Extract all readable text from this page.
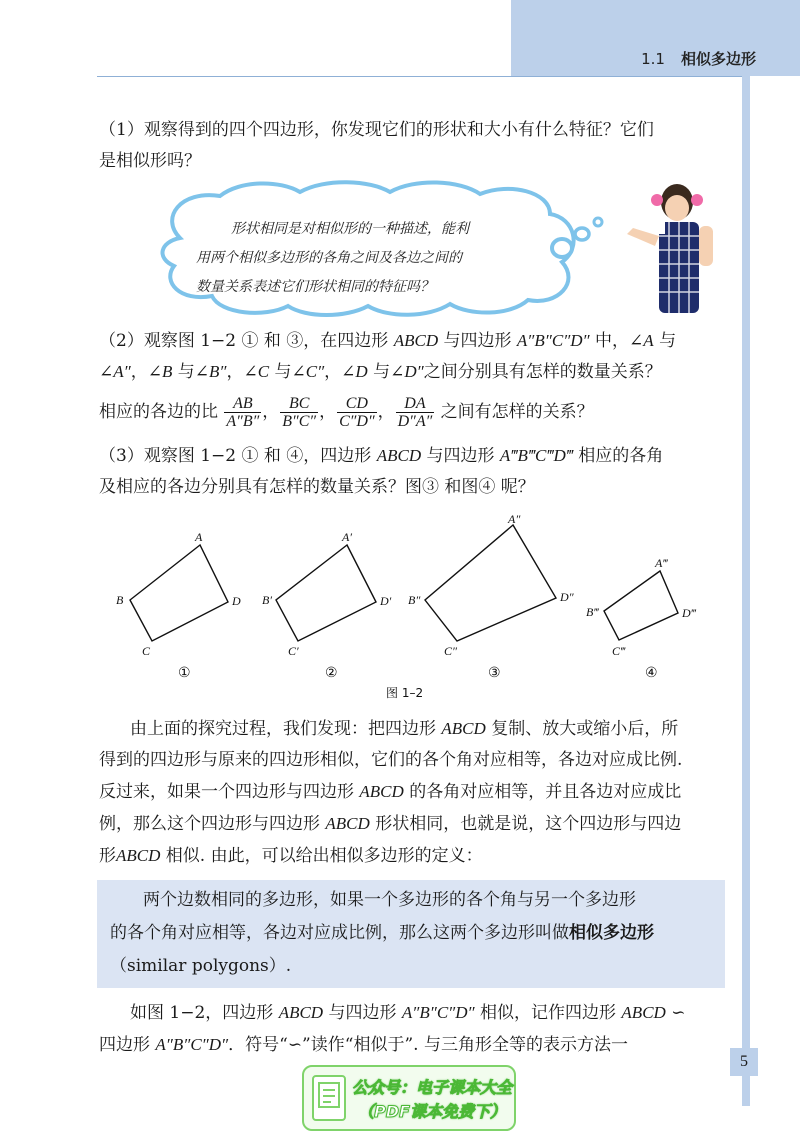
1.1 相似多边形
（1）观察得到的四个四边形，你发现它们的形状和大小有什么特征？它们
是相似形吗？
形状相同是对相似形的一种描述，能利
用两个相似多边形的各角之间及各边之间的
数量关系表述它们形状相同的特征吗？
（2）观察图 1−2 ① 和 ③，在四边形 ABCD 与四边形 A″B″C″D″ 中，∠A 与
∠A″，∠B 与∠B″，∠C 与∠C″，∠D 与∠D″之间分别具有怎样的数量关系？
相应的各边的比 $\frac{AB}{A''B''}$ ， $\frac{BC}{B''C''}$ ， $\frac{CD}{C''D''}$ ， $\frac{DA}{D''A''}$ 之间有怎样的关系？
（3）观察图 1−2 ① 和 ④，四边形 ABCD 与四边形 A‴B‴C‴D‴ 相应的各角
及相应的各边分别具有怎样的数量关系？图③ 和图④ 呢？
A
B
C
D
①
A′
B′
C′
D′
②
A″
B″
C″
D″
③
A‴
B‴
C‴
D‴
④
图 1–2
由上面的探究过程，我们发现：把四边形 ABCD 复制、放大或缩小后，所
得到的四边形与原来的四边形相似，它们的各个角对应相等，各边对应成比例.
反过来，如果一个四边形与四边形 ABCD 的各角对应相等，并且各边对应成比
例，那么这个四边形与四边形 ABCD 形状相同，也就是说，这个四边形与四边
形ABCD 相似. 由此，可以给出相似多边形的定义：
两个边数相同的多边形，如果一个多边形的各个角与另一个多边形
的各个角对应相等，各边对应成比例，那么这两个多边形叫做相似多边形
（similar polygons）.
如图 1−2，四边形 ABCD 与四边形 A″B″C″D″ 相似，记作四边形 ABCD ∽
四边形 A″B″C″D″．符号“∽”读作“相似于”. 与三角形全等的表示方法一
5
公众号：电子课本大全
（PDF课本免费下）
